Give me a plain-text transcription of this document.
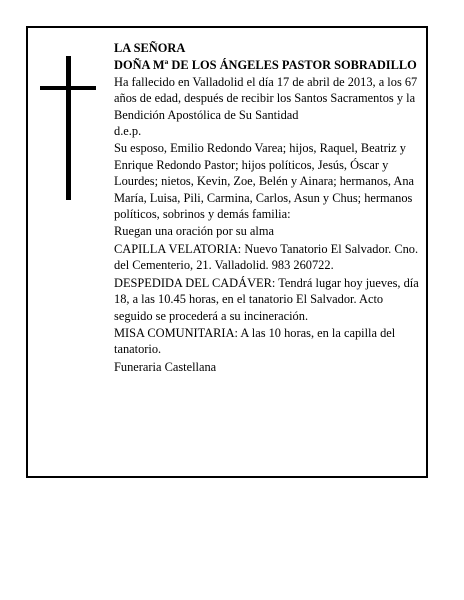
LA SEÑORA

DOÑA Mª DE LOS ÁNGELES PASTOR SOBRADILLO

Ha fallecido en Valladolid el día 17 de abril de 2013, a los 67 años de edad, después de recibir los Santos Sacramentos y la Bendición Apostólica de Su Santidad
d.e.p.

Su esposo, Emilio Redondo Varea; hijos, Raquel, Beatriz y Enrique Redondo Pastor; hijos políticos, Jesús, Óscar y Lourdes; nietos, Kevin, Zoe, Belén y Ainara; hermanos, Ana María, Luisa, Pili, Carmina, Carlos, Asun y Chus; hermanos políticos, sobrinos y demás familia:

Ruegan una oración por su alma

CAPILLA VELATORIA: Nuevo Tanatorio El Salvador. Cno. del Cementerio, 21. Valladolid. 983 260722.

DESPEDIDA DEL CADÁVER: Tendrá lugar hoy jueves, día 18, a las 10.45 horas, en el tanatorio El Salvador. Acto seguido se procederá a su incineración.

MISA COMUNITARIA: A las 10 horas, en la capilla del tanatorio.

Funeraria Castellana
